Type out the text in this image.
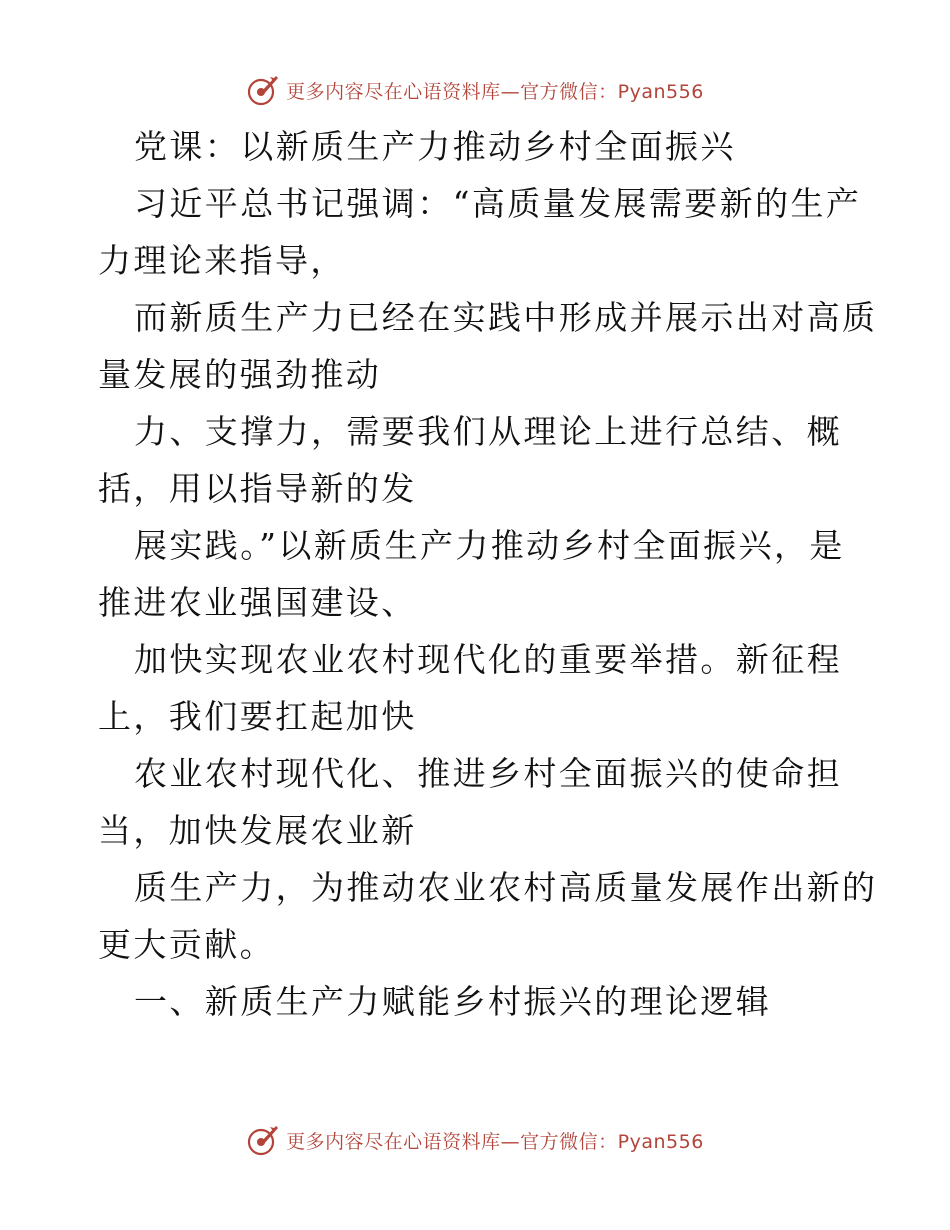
更多内容尽在心语资料库—官方微信：Pyan556
党课：以新质生产力推动乡村全面振兴
习近平总书记强调：“高质量发展需要新的生产
力理论来指导，
而新质生产力已经在实践中形成并展示出对高质
量发展的强劲推动
力、支撑力，需要我们从理论上进行总结、概
括，用以指导新的发
展实践。”以新质生产力推动乡村全面振兴，是
推进农业强国建设、
加快实现农业农村现代化的重要举措。新征程
上，我们要扛起加快
农业农村现代化、推进乡村全面振兴的使命担
当，加快发展农业新
质生产力，为推动农业农村高质量发展作出新的
更大贡献。
一、新质生产力赋能乡村振兴的理论逻辑
更多内容尽在心语资料库—官方微信：Pyan556
